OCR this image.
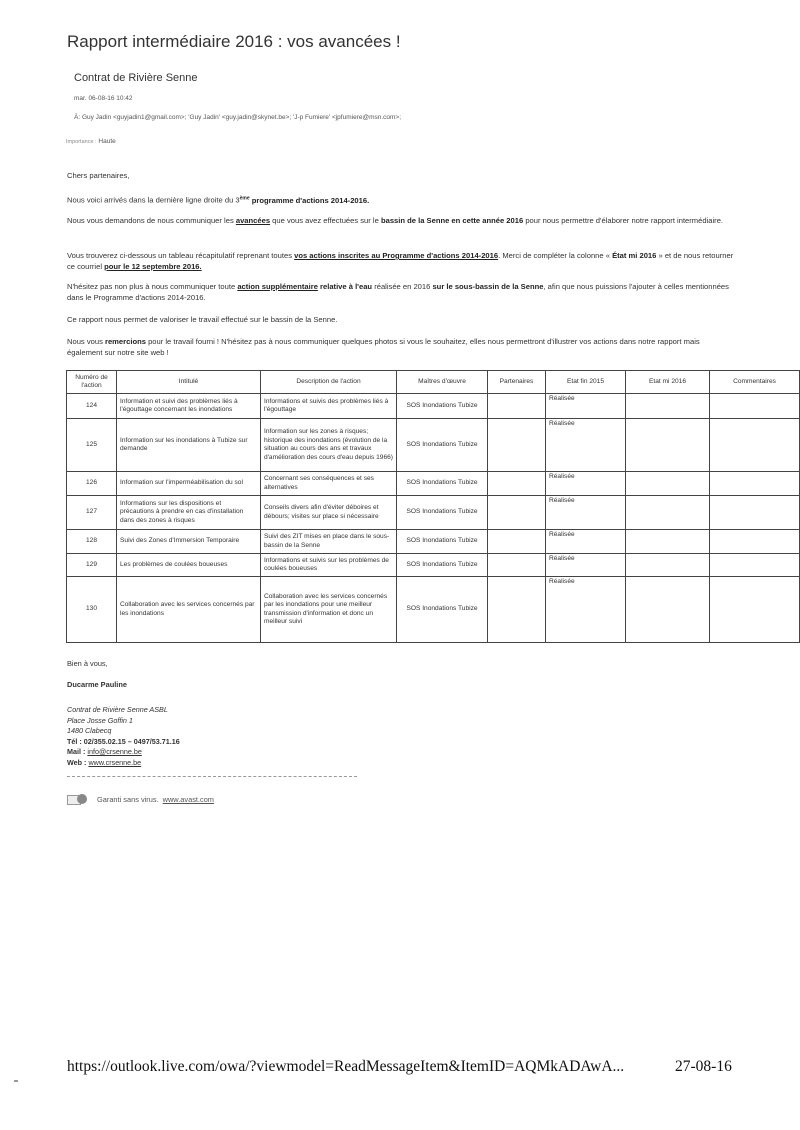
Rapport intermédiaire 2016 : vos avancées !
Contrat de Rivière Senne
mar. 06-08-16 10:42
À: Guy Jadin <guyjadin1@gmail.com>; 'Guy Jadin' <guy.jadin@skynet.be>; 'J-p Fumiere' <jpfumiere@msn.com>;
Importance : Haute
Chers partenaires,
Nous voici arrivés dans la dernière ligne droite du 3ème programme d'actions 2014-2016.
Nous vous demandons de nous communiquer les avancées que vous avez effectuées sur le bassin de la Senne en cette année 2016 pour nous permettre d'élaborer notre rapport intermédiaire.
Vous trouverez ci-dessous un tableau récapitulatif reprenant toutes vos actions inscrites au Programme d'actions 2014-2016. Merci de compléter la colonne « État mi 2016 » et de nous retourner ce courriel pour le 12 septembre 2016.
N'hésitez pas non plus à nous communiquer toute action supplémentaire relative à l'eau réalisée en 2016 sur le sous-bassin de la Senne, afin que nous puissions l'ajouter à celles mentionnées dans le Programme d'actions 2014-2016.
Ce rapport nous permet de valoriser le travail effectué sur le bassin de la Senne.
Nous vous remercions pour le travail fourni ! N'hésitez pas à nous communiquer quelques photos si vous le souhaitez, elles nous permettront d'illustrer vos actions dans notre rapport mais également sur notre site web !
Numéro de l'action	Intitulé	Description de l'action	Maîtres d'œuvre	Partenaires	Etat fin 2015	Etat mi 2016	Commentaires
124	Information et suivi des problèmes liés à l'égouttage concernant les inondations	Informations et suivis des problèmes liés à l'égouttage	SOS Inondations Tubize		Réalisée		
125	Information sur les inondations à Tubize sur demande	Information sur les zones à risques; historique des inondations (évolution de la situation au cours des ans et travaux d'amélioration des cours d'eau depuis 1966)	SOS Inondations Tubize		Réalisée		
126	Information sur l'imperméabilisation du sol	Concernant ses conséquences et ses alternatives	SOS Inondations Tubize		Réalisée		
127	Informations sur les dispositions et précautions à prendre en cas d'installation dans des zones à risques	Conseils divers afin d'éviter déboires et débours; visites sur place si nécessaire	SOS Inondations Tubize		Réalisée		
128	Suivi des Zones d'Immersion Temporaire	Suivi des ZIT mises en place dans le sous-bassin de la Senne	SOS Inondations Tubize		Réalisée		
129	Les problèmes de coulées boueuses	Informations et suivis sur les problèmes de coulées boueuses	SOS Inondations Tubize		Réalisée		
130	Collaboration avec les services concernés par les inondations	Collaboration avec les services concernés par les inondations pour une meilleur transmission d'information et donc un meilleur suivi	SOS Inondations Tubize		Réalisée		
Bien à vous,
Ducarme Pauline
Contrat de Rivière Senne ASBL
Place Josse Goffin 1
1480 Clabecq
Tél : 02/355.02.15 – 0497/53.71.16
Mail : info@crsenne.be
Web : www.crsenne.be
Garanti sans virus. www.avast.com
https://outlook.live.com/owa/?viewmodel=ReadMessageItem&ItemID=AQMkADAwA...	27-08-16
